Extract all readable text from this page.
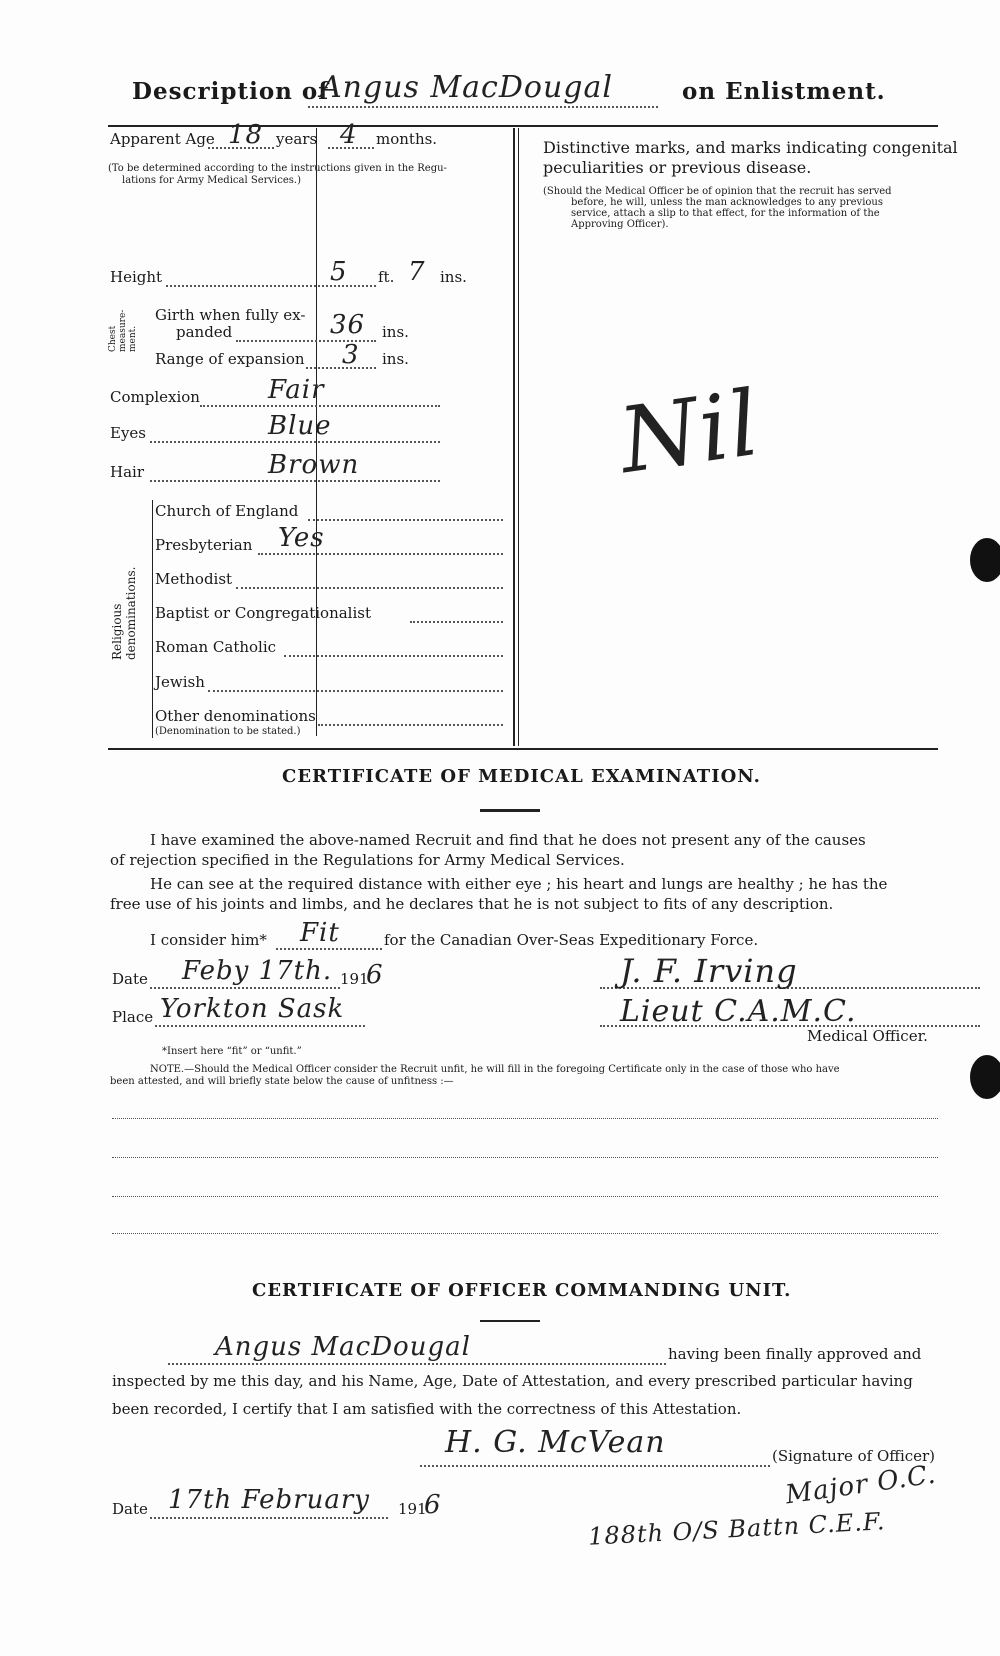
Description of
Angus MacDougal	on Enlistment.
Apparent Age 18 years 4 months.
(To be determined according to the instructions given in the Regu-
lations for Army Medical Services.)
Height	5 ft. 7 ins.
Chest measure-ment.
Girth when fully ex-
panded	36 ins.
Range of expansion 3 ins.
Complexion	Fair
Eyes	Blue
Hair	Brown
Religious denominations.
Church of England
Presbyterian Yes
Methodist
Baptist or Congregationalist
Roman Catholic
Jewish
Other denominations
(Denomination to be stated.)
Distinctive marks, and marks indicating congenital
peculiarities or previous disease.
(Should the Medical Officer be of opinion that the recruit has served
before, he will, unless the man acknowledges to any previous
service, attach a slip to that effect, for the information of the
Approving Officer).
Nil
CERTIFICATE OF MEDICAL EXAMINATION.
I have examined the above-named Recruit and find that he does not present any of the causes
of rejection specified in the Regulations for Army Medical Services.
He can see at the required distance with either eye ; his heart and lungs are healthy ; he has the
free use of his joints and limbs, and he declares that he is not subject to fits of any description.
I consider him* Fit	for the Canadian Over-Seas Expeditionary Force.
Date Feby 17th. 191
6
Place Yorkton Sask
J. F. Irving
Lieut C.A.M.C.
Medical Officer.
*Insert here “fit” or “unfit.”
NOTE.—Should the Medical Officer consider the Recruit unfit, he will fill in the foregoing Certificate only in the case of those who have
been attested, and will briefly state below the cause of unfitness :—
CERTIFICATE OF OFFICER COMMANDING UNIT.
Angus MacDougal	having been finally approved and
inspected by me this day, and his Name, Age, Date of Attestation, and every prescribed particular having
been recorded, I certify that I am satisfied with the correctness of this Attestation.
H. G. McVean	(Signature of Officer)
Major O.C.
Date 17th February 191
6
188th O/S Battn C.E.F.
